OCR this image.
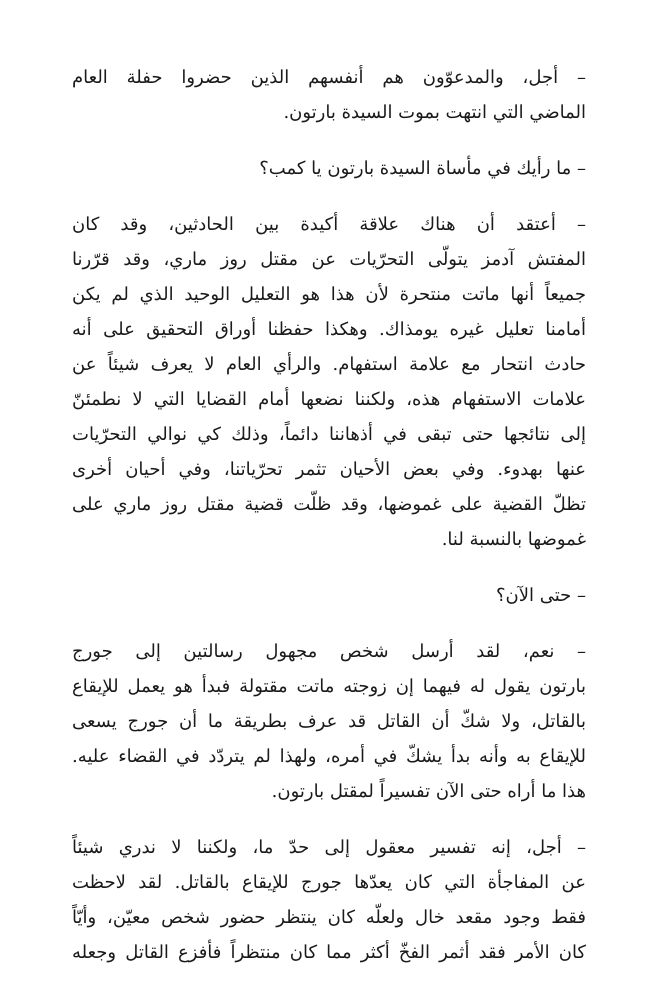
– أجل، والمدعوّون هم أنفسهم الذين حضروا حفلة العام
الماضي التي انتهت بموت السيدة بارتون.
– ما رأيك في مأساة السيدة بارتون يا كمب؟
– أعتقد أن هناك علاقة أكيدة بين الحادثين، وقد كان
المفتش آدمز يتولّى التحرّيات عن مقتل روز ماري، وقد قرّرنا
جميعاً أنها ماتت منتحرة لأن هذا هو التعليل الوحيد الذي لم يكن
أمامنا تعليل غيره يومذاك. وهكذا حفظنا أوراق التحقيق على أنه
حادث انتحار مع علامة استفهام. والرأي العام لا يعرف شيئاً عن
علامات الاستفهام هذه، ولكننا نضعها أمام القضايا التي لا نطمئنّ
إلى نتائجها حتى تبقى في أذهاننا دائماً، وذلك كي نوالي التحرّيات
عنها بهدوء. وفي بعض الأحيان تثمر تحرّياتنا، وفي أحيان أخرى
تظلّ القضية على غموضها، وقد ظلّت قضية مقتل روز ماري على
غموضها بالنسبة لنا.
– حتى الآن؟
– نعم، لقد أرسل شخص مجهول رسالتين إلى جورج
بارتون يقول له فيهما إن زوجته ماتت مقتولة فبدأ هو يعمل للإيقاع
بالقاتل، ولا شكّ أن القاتل قد عرف بطريقة ما أن جورج يسعى
للإيقاع به وأنه بدأ يشكّ في أمره، ولهذا لم يتردّد في القضاء عليه.
هذا ما أراه حتى الآن تفسيراً لمقتل بارتون.
– أجل، إنه تفسير معقول إلى حدّ ما، ولكننا لا ندري شيئاً
عن المفاجأة التي كان يعدّها جورج للإيقاع بالقاتل. لقد لاحظت
فقط وجود مقعد خال ولعلّه كان ينتظر حضور شخص معيّن، وأيّاً
كان الأمر فقد أثمر الفخّ أكثر مما كان منتظراً فأفزع القاتل وجعله
